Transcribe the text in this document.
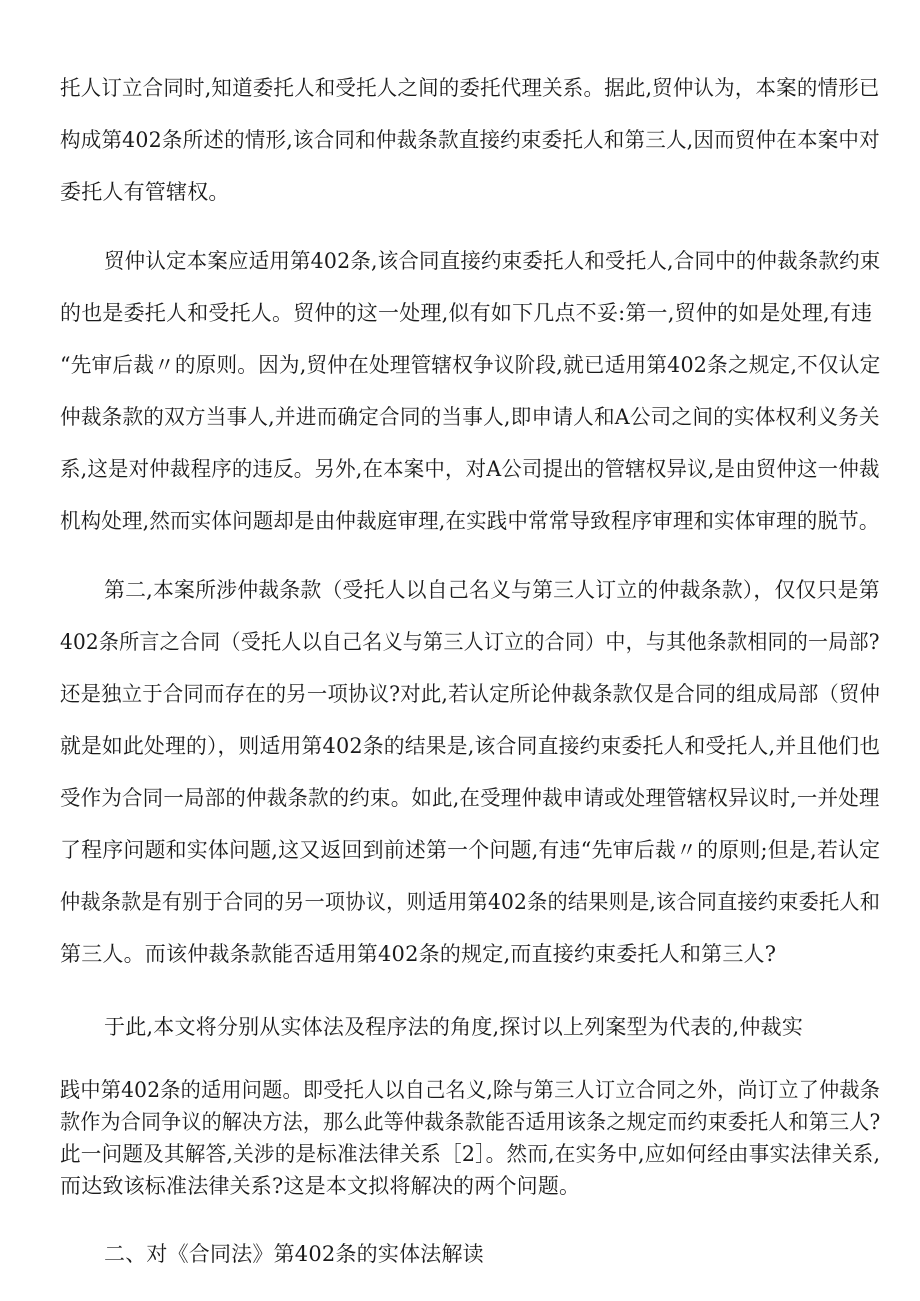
托人订立合同时,知道委托人和受托人之间的委托代理关系。据此,贸仲认为，本案的情形已
构成第402条所述的情形,该合同和仲裁条款直接约束委托人和第三人,因而贸仲在本案中对
委托人有管辖权。
贸仲认定本案应适用第402条,该合同直接约束委托人和受托人,合同中的仲裁条款约束
的也是委托人和受托人。贸仲的这一处理,似有如下几点不妥:第一,贸仲的如是处理,有违
“先审后裁〃的原则。因为,贸仲在处理管辖权争议阶段,就已适用第402条之规定,不仅认定
仲裁条款的双方当事人,并进而确定合同的当事人,即申请人和A公司之间的实体权利义务关
系,这是对仲裁程序的违反。另外,在本案中，对A公司提出的管辖权异议,是由贸仲这一仲裁
机构处理,然而实体问题却是由仲裁庭审理,在实践中常常导致程序审理和实体审理的脱节。
第二,本案所涉仲裁条款（受托人以自己名义与第三人订立的仲裁条款），仅仅只是第
402条所言之合同（受托人以自己名义与第三人订立的合同）中，与其他条款相同的一局部?
还是独立于合同而存在的另一项协议?对此,若认定所论仲裁条款仅是合同的组成局部（贸仲
就是如此处理的），则适用第402条的结果是,该合同直接约束委托人和受托人,并且他们也
受作为合同一局部的仲裁条款的约束。如此,在受理仲裁申请或处理管辖权异议时,一并处理
了程序问题和实体问题,这又返回到前述第一个问题,有违“先审后裁〃的原则;但是,若认定
仲裁条款是有别于合同的另一项协议，则适用第402条的结果则是,该合同直接约束委托人和
第三人。而该仲裁条款能否适用第402条的规定,而直接约束委托人和第三人?
于此,本文将分别从实体法及程序法的角度,探讨以上列案型为代表的,仲裁实
践中第402条的适用问题。即受托人以自己名义,除与第三人订立合同之外，尚订立了仲裁条
款作为合同争议的解决方法，那么此等仲裁条款能否适用该条之规定而约束委托人和第三人?
此一问题及其解答,关涉的是标准法律关系［2］。然而,在实务中,应如何经由事实法律关系,
而达致该标准法律关系?这是本文拟将解决的两个问题。
二、对《合同法》第402条的实体法解读
